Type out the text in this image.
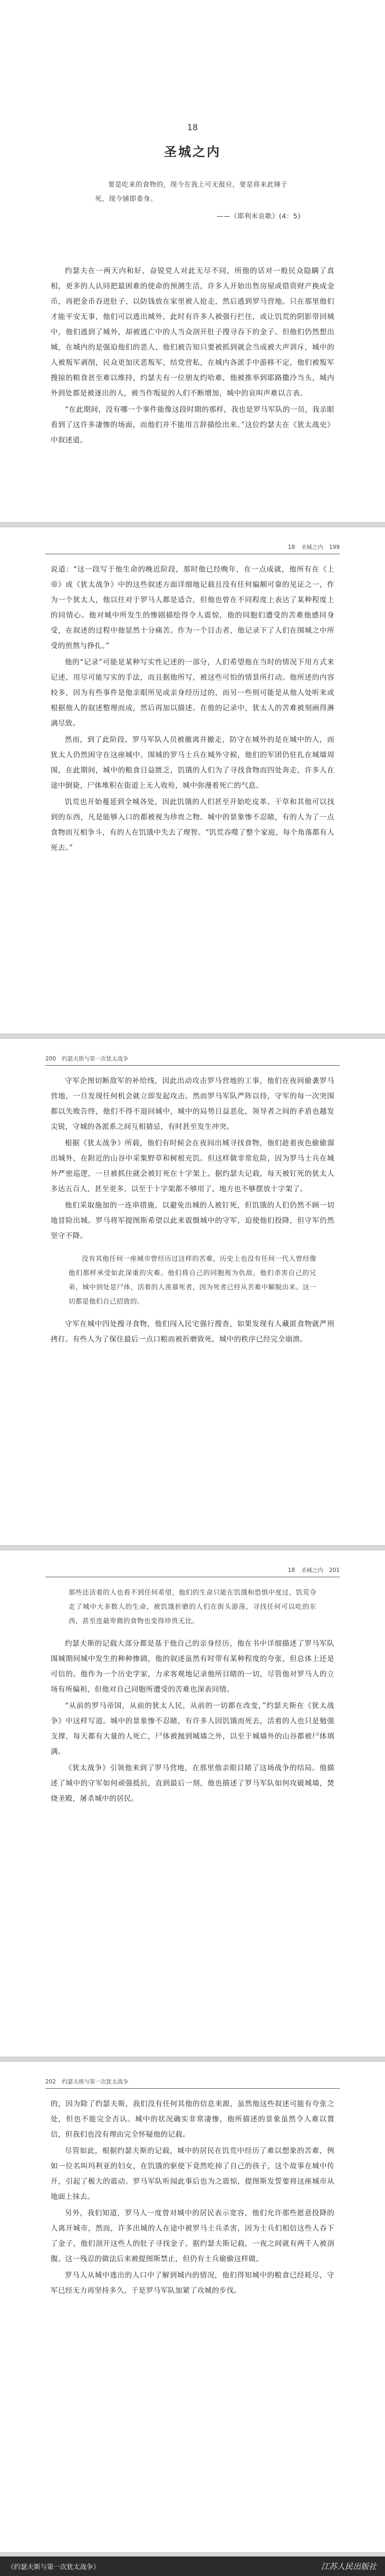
18
圣城之内
要是吃来的食物的，现今在我上可无报应，要是将来此锤于死，现今铺即委身。
——《耶利米哀歌》(4：5)

约瑟夫在一两天内和好，奋锐党人对此无尽不同，所他的话对一般民众隐瞒了真相，更多的人认同把最困难的使命的预测生活，许多人开始出售房屋或借资财产换成金币，再把金币吞进肚子，以防钱放在家里被人抢走，然后逃到罗马营地。只在那里他们才能平安无事，他们可以逃出城外，此时有许多人被强行拦住，或让饥荒的阴影带回城中，他们逃到了城外，却被逃亡中的人当众剖开肚子搜寻吞下的金子。但他们仍然想出城，在城内的是强迫他们的恶人，他们被告知只要被抓到就会当成被大声训斥，城中的人被叛军剥削，民众更加厌恶叛军，结党营私，在城内各派手中游移不定，他们被叛军搜掠的粮食甚至难以维持，约瑟夫有一位朋友约哈难，他被推举到耶路撒冷当头，城内外到处都是被逐出的人，被当作叛徒的人们不断增加，城中的哀叫声难以言表。

“在此期间，没有哪一个事件能像这段时期的那样，我也是罗马军队的一员，我亲眼看到了这许多凄惨的场面，而他们并不能用言辞描绘出来。”这位约瑟夫在《犹太战史》中叙述道。

18 圣城之内 199

说道：“这一段写于他生命的晚近阶段，那时他已经晚年，在一点成就，他所有在《上帝》或《犹太战争》中的这些叙述方面详细地记载且没有任何偏颇可靠的见证之一，作为一个犹太人，他以往对于罗马人都是适合，但他也曾在不同程度上表达了某种程度上的同情心。他对城中所发生的惨剧描绘得令人震惊，他的同胞们遭受的苦难他感同身受，在叙述的过程中他显然十分痛苦。作为一个目击者，他记录下了人们在围城之中所受的煎熬与挣扎。”

他的“记录”可能是某种写实性记述的一部分，人们希望他在当时的情况下用方式来记述，用尽可能写实的手法，而且据他所写，被这些可怕的情景所打动。他所述的内容较多，因为有些事件是他亲眼所见或亲身经历过的，而另一些则可能是从他人处听来或根据他人的叙述整理而成，然后再加以描述。在他的记录中，犹太人的苦难被刻画得淋漓尽致。

然而，到了此阶段，罗马军队人员被撤离并撤走，防守在城外的是在城中的人，而犹太人仍然困守在这座城中。围城的罗马士兵在城外守候，他们的军团仍驻扎在城墙周围，在此期间，城中的粮食日益匮乏，饥饿的人们为了寻找食物而四处奔走，许多人在途中倒毙，尸体堆积在街道上无人收殓，城中弥漫着死亡的气息。

饥荒也开始蔓延到全城各处，因此饥饿的人们甚至开始吃皮革、干草和其他可以找到的东西，凡是能够入口的都被视为珍贵之物。城中的景象惨不忍睹，有的人为了一点食物而互相争斗，有的人在饥饿中失去了理智。“饥荒吞噬了整个家庭，每个角落都有人死去。”

200 约瑟夫斯与第一次犹太战争

守军企图切断敌军的补给线，因此出动攻击罗马营地的工事，他们在夜间偷袭罗马营地，一旦发现任何机会就立即发起攻击。然而罗马军队严阵以待，守军的每一次突围都以失败告终，他们不得不退回城中，城中的局势日益恶化，领导者之间的矛盾也越发尖锐，守城的各派系之间互相猜忌，有时甚至发生冲突。

根据《犹太战争》所载，他们有时候会在夜间出城寻找食物，他们趁着夜色偷偷溜出城外，在附近的山谷中采集野草和树根充饥。但这样做非常危险，因为罗马士兵在城外严密巡逻，一旦被抓住就会被钉死在十字架上。据约瑟夫记载，每天被钉死的犹太人多达五百人，甚至更多，以至于十字架都不够用了，地方也不够摆放十字架了。

他们采取施加的一连串措施，以避免出城的人被钉死，但饥饿的人们仍然不顾一切地冒险出城。罗马将军提图斯希望以此来震慑城中的守军，迫使他们投降，但守军仍然坚守不降。

没有其他任何一座城市曾经历过这样的苦难，历史上也没有任何一代人曾经像他们那样承受如此深重的灾难。他们将自己的同胞视为仇敌，他们杀害自己的兄弟，城中到处是尸体，活着的人羡慕死者，因为死者已经从苦难中解脱出来。这一切都是他们自己招致的。

守军在城中四处搜寻食物，他们闯入民宅强行搜查，如果发现有人藏匿食物就严刑拷打。有些人为了保住最后一点口粮而被折磨致死，城中的秩序已经完全崩溃。

18 圣城之内 201
那些还活着的人也看不到任何希望，他们的生命只能在饥饿和恐惧中度过，饥荒夺走了城中大多数人的生命，被饥饿折磨的人们在街头游荡，寻找任何可以吃的东西，甚至连最卑微的食物也变得珍贵无比。

约瑟夫斯的记载大部分都是基于他自己的亲身经历，他在书中详细描述了罗马军队围城期间城中发生的种种惨剧，他的叙述虽然有时带有某种程度的夸张，但总体上还是可信的。他作为一个历史学家，力求客观地记录他所目睹的一切，尽管他对罗马人的立场有所偏袒，但他对自己同胞所遭受的苦难也深表同情。

“从前的罗马帝国，从前的犹太人民，从前的一切都在改变，”约瑟夫斯在《犹太战争》中这样写道。城中的景象惨不忍睹，有许多人因饥饿而死去，活着的人也只是勉强支撑，每天都有大量的人死亡，尸体被抛到城墙之外，以至于城墙外的山谷都被尸体填满。

《犹太战争》引领他来到了罗马营地，在那里他亲眼目睹了这场战争的结局。他描述了城中的守军如何顽强抵抗，直到最后一刻，他也描述了罗马军队如何攻破城墙，焚烧圣殿，屠杀城中的居民。

202 约瑟夫斯与第一次犹太战争

的，因为除了约瑟夫斯，我们没有任何其他的信息来源，虽然他这些叙述可能有夸张之处，但也不能完全否认。城中的状况确实非常凄惨，他所描述的景象虽然令人难以置信，但我们也没有理由完全怀疑他的记载。

尽管如此，根据约瑟夫斯的记载，城中的居民在饥荒中经历了难以想象的苦难，例如一位名叫玛利亚的妇女，在饥饿的驱使下竟然吃掉了自己的孩子，这个故事在城中传开，引起了极大的震动。罗马军队听闻此事后也为之震惊，提图斯发誓要将这座城市从地面上抹去。

另外，我们知道，罗马人一度曾对城中的居民表示宽容，他们允许那些愿意投降的人离开城市，然而，许多出城的人在途中被罗马士兵杀害，因为士兵们相信这些人吞下了金子，他们剖开这些人的肚子寻找金子。据约瑟夫斯记载，一夜之间就有两千人被剖腹。这一残忍的做法后来被提图斯禁止，但仍有士兵偷偷这样做。

罗马人从城中逃出的人口中了解到城内的情况，他们得知城中的粮食已经耗尽，守军已经无力再坚持多久，于是罗马军队加紧了攻城的步伐。

《约瑟夫斯与第一次犹太战争》	江苏人民出版社
